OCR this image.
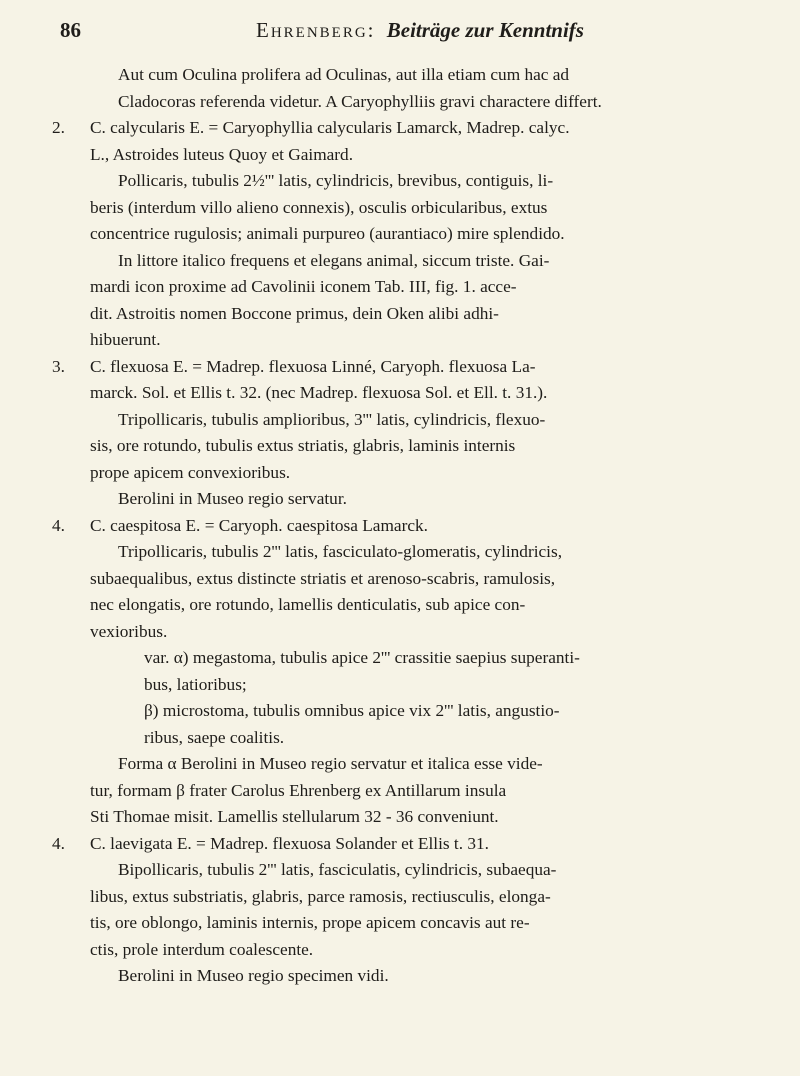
86	Ehrenberg: Beiträge zur Kenntnifs
Aut cum Oculina prolifera ad Oculinas, aut illa etiam cum hac ad
Cladocoras referenda videtur. A Caryophylliis gravi charactere differt.
2. C. calycularis E. = Caryophyllia calycularis Lamarck, Madrep. calyc.
L., Astroides luteus Quoy et Gaimard.
Pollicaris, tubulis 2½''' latis, cylindricis, brevibus, contiguis, li-
beris (interdum villo alieno connexis), osculis orbicularibus, extus
concentrice rugulosis; animali purpureo (aurantiaco) mire splendido.
In littore italico frequens et elegans animal, siccum triste. Gai-
mardi icon proxime ad Cavolinii iconem Tab. III, fig. 1. acce-
dit. Astroitis nomen Boccone primus, dein Oken alibi adhi-
hibuerunt.
3. C. flexuosa E. = Madrep. flexuosa Linné, Caryoph. flexuosa La-
marck. Sol. et Ellis t. 32. (nec Madrep. flexuosa Sol. et Ell. t. 31.).
Tripollicaris, tubulis amplioribus, 3''' latis, cylindricis, flexuo-
sis, ore rotundo, tubulis extus striatis, glabris, laminis internis
prope apicem convexioribus.
Berolini in Museo regio servatur.
4. C. caespitosa E. = Caryoph. caespitosa Lamarck.
Tripollicaris, tubulis 2''' latis, fasciculato-glomeratis, cylindricis,
subaequalibus, extus distincte striatis et arenoso-scabris, ramulosis,
nec elongatis, ore rotundo, lamellis denticulatis, sub apice con-
vexioribus.
var. α) megastoma, tubulis apice 2''' crassitie saepius superanti-
bus, latioribus;
β) microstoma, tubulis omnibus apice vix 2''' latis, angustio-
ribus, saepe coalitis.
Forma α Berolini in Museo regio servatur et italica esse vide-
tur, formam β frater Carolus Ehrenberg ex Antillarum insula
Sti Thomae misit. Lamellis stellularum 32 - 36 conveniunt.
4. C. laevigata E. = Madrep. flexuosa Solander et Ellis t. 31.
Bipollicaris, tubulis 2''' latis, fasciculatis, cylindricis, subaequa-
libus, extus substriatis, glabris, parce ramosis, rectiusculis, elonga-
tis, ore oblongo, laminis internis, prope apicem concavis aut re-
ctis, prole interdum coalescente.
Berolini in Museo regio specimen vidi.
